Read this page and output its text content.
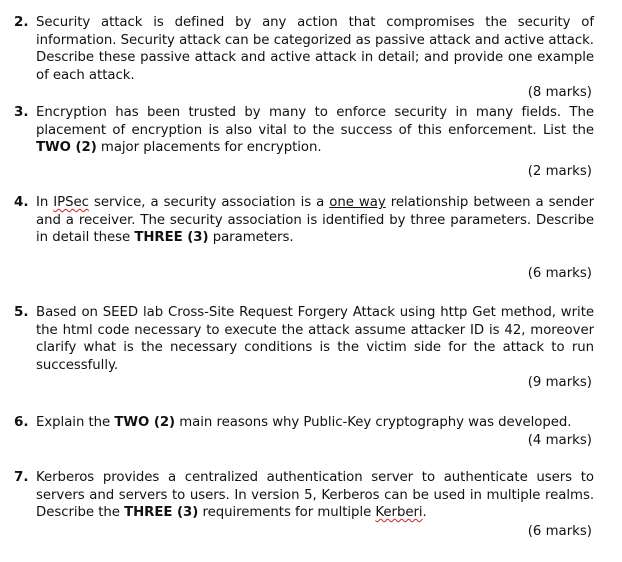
2. Security attack is defined by any action that compromises the security of information. Security attack can be categorized as passive attack and active attack. Describe these passive attack and active attack in detail; and provide one example of each attack.
(8 marks)
3. Encryption has been trusted by many to enforce security in many fields. The placement of encryption is also vital to the success of this enforcement. List the TWO (2) major placements for encryption.
(2 marks)
4. In IPSec service, a security association is a one way relationship between a sender and a receiver. The security association is identified by three parameters. Describe in detail these THREE (3) parameters.
(6 marks)
5. Based on SEED lab Cross-Site Request Forgery Attack using http Get method, write the html code necessary to execute the attack assume attacker ID is 42, moreover clarify what is the necessary conditions is the victim side for the attack to run successfully.
(9 marks)
6. Explain the TWO (2) main reasons why Public-Key cryptography was developed.
(4 marks)
7. Kerberos provides a centralized authentication server to authenticate users to servers and servers to users. In version 5, Kerberos can be used in multiple realms. Describe the THREE (3) requirements for multiple Kerberi.
(6 marks)
